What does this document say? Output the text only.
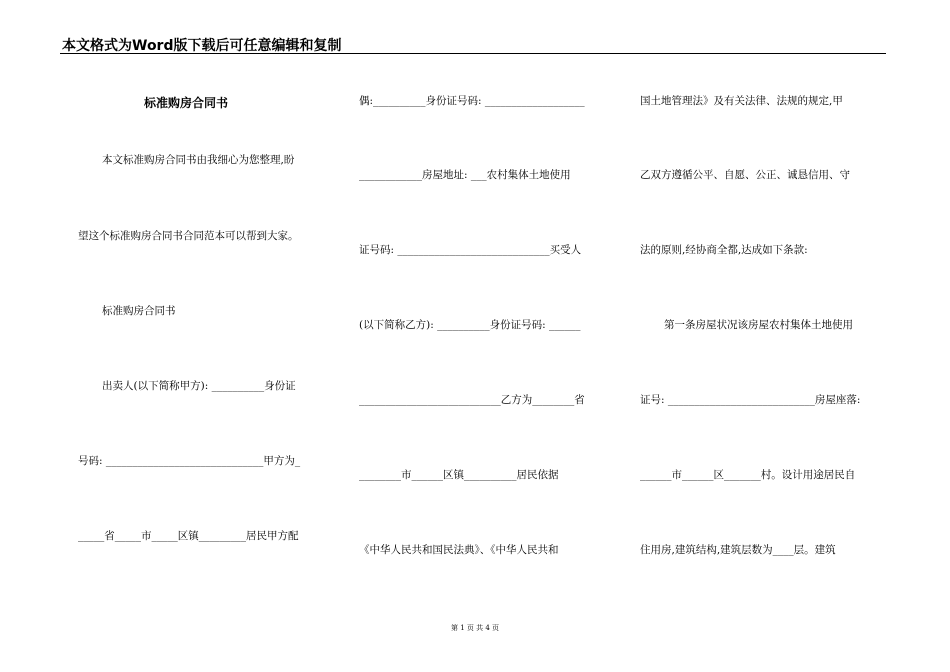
本文格式为Word版下载后可任意编辑和复制
标准购房合同书
本文标准购房合同书由我细心为您整理,盼
望这个标准购房合同书合同范本可以帮到大家。
标准购房合同书
出卖人(以下简称甲方): __________身份证
号码: ______________________________甲方为_
_____省_____市_____区镇_________居民甲方配
偶:__________身份证号码: ___________________
____________房屋地址: ___农村集体土地使用
证号码: _____________________________买受人
(以下简称乙方): __________身份证号码: ______
___________________________乙方为________省
________市______区镇__________居民依据
《中华人民共和国民法典》、《中华人民共和
国土地管理法》及有关法律、法规的规定,甲
乙双方遵循公平、自愿、公正、诚恳信用、守
法的原则,经协商全都,达成如下条款:
第一条房屋状况该房屋农村集体土地使用
证号: ____________________________房屋座落:
______市______区_______村。设计用途居民自
住用房,建筑结构,建筑层数为____层。建筑
第 1 页 共 4 页
